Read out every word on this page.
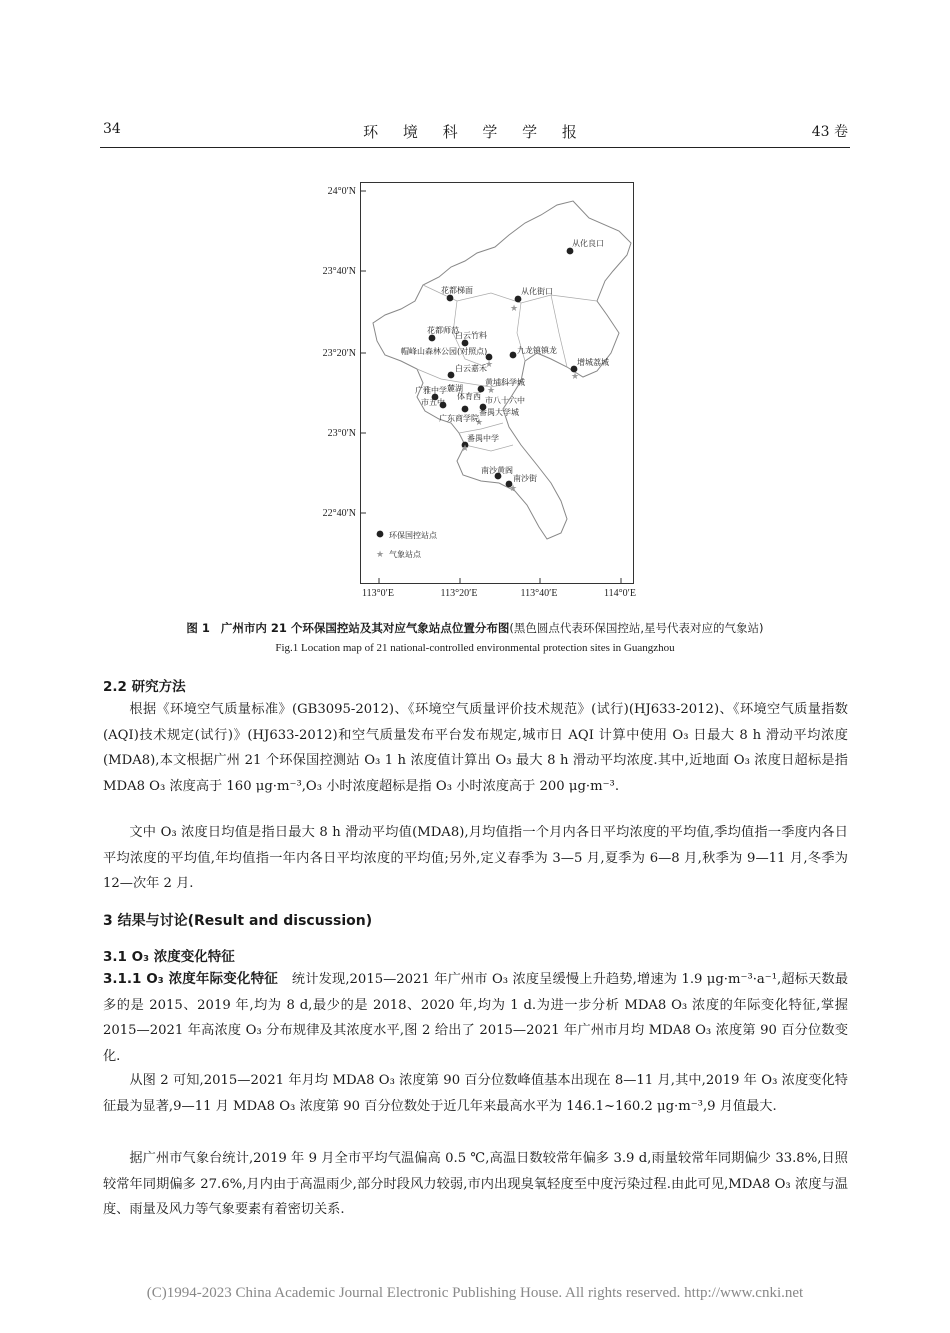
34	环 境 科 学 学 报	43 卷
24°0′N
23°40′N
23°20′N
23°0′N
22°40′N
★
★
★
★
★
★
★
从化良口
花都梯面	从化街口
花都师范
白云竹料
帽峰山森林公园(对照点)	九龙镇镇龙
增城荔城
白云嘉禾
黄埔科学城
广雅中学 麓湖
体育西
市五中	市八十六中
广东商学院
番禺大学城
番禺中学
南沙黄阁
南沙街
环保国控站点
★ 气象站点
113°0′E	113°20′E	113°40′E	114°0′E
图 1 广州市内 21 个环保国控站及其对应气象站点位置分布图(黑色圆点代表环保国控站,星号代表对应的气象站)
Fig.1 Location map of 21 national-controlled environmental protection sites in Guangzhou
2.2 研究方法
根据《环境空气质量标准》(GB3095-2012)、《环境空气质量评价技术规范》(试行)(HJ633-2012)、《环境空气质量指数(AQI)技术规定(试行)》(HJ633-2012)和空气质量发布平台发布规定,城市日 AQI 计算中使用 O₃ 日最大 8 h 滑动平均浓度(MDA8),本文根据广州 21 个环保国控测站 O₃ 1 h 浓度值计算出 O₃ 最大 8 h 滑动平均浓度.其中,近地面 O₃ 浓度日超标是指 MDA8 O₃ 浓度高于 160 μg·m⁻³,O₃ 小时浓度超标是指 O₃ 小时浓度高于 200 μg·m⁻³.
文中 O₃ 浓度日均值是指日最大 8 h 滑动平均值(MDA8),月均值指一个月内各日平均浓度的平均值,季均值指一季度内各日平均浓度的平均值,年均值指一年内各日平均浓度的平均值;另外,定义春季为 3—5 月,夏季为 6—8 月,秋季为 9—11 月,冬季为 12—次年 2 月.
3 结果与讨论(Result and discussion)
3.1 O₃ 浓度变化特征
3.1.1 O₃ 浓度年际变化特征 统计发现,2015—2021 年广州市 O₃ 浓度呈缓慢上升趋势,增速为 1.9 μg·m⁻³·a⁻¹,超标天数最多的是 2015、2019 年,均为 8 d,最少的是 2018、2020 年,均为 1 d.为进一步分析 MDA8 O₃ 浓度的年际变化特征,掌握 2015—2021 年高浓度 O₃ 分布规律及其浓度水平,图 2 给出了 2015—2021 年广州市月均 MDA8 O₃ 浓度第 90 百分位数变化.
从图 2 可知,2015—2021 年月均 MDA8 O₃ 浓度第 90 百分位数峰值基本出现在 8—11 月,其中,2019 年 O₃ 浓度变化特征最为显著,9—11 月 MDA8 O₃ 浓度第 90 百分位数处于近几年来最高水平为 146.1~160.2 μg·m⁻³,9 月值最大.
据广州市气象台统计,2019 年 9 月全市平均气温偏高 0.5 ℃,高温日数较常年偏多 3.9 d,雨量较常年同期偏少 33.8%,日照较常年同期偏多 27.6%,月内由于高温雨少,部分时段风力较弱,市内出现臭氧轻度至中度污染过程.由此可见,MDA8 O₃ 浓度与温度、雨量及风力等气象要素有着密切关系.
(C)1994-2023 China Academic Journal Electronic Publishing House. All rights reserved. http://www.cnki.net
